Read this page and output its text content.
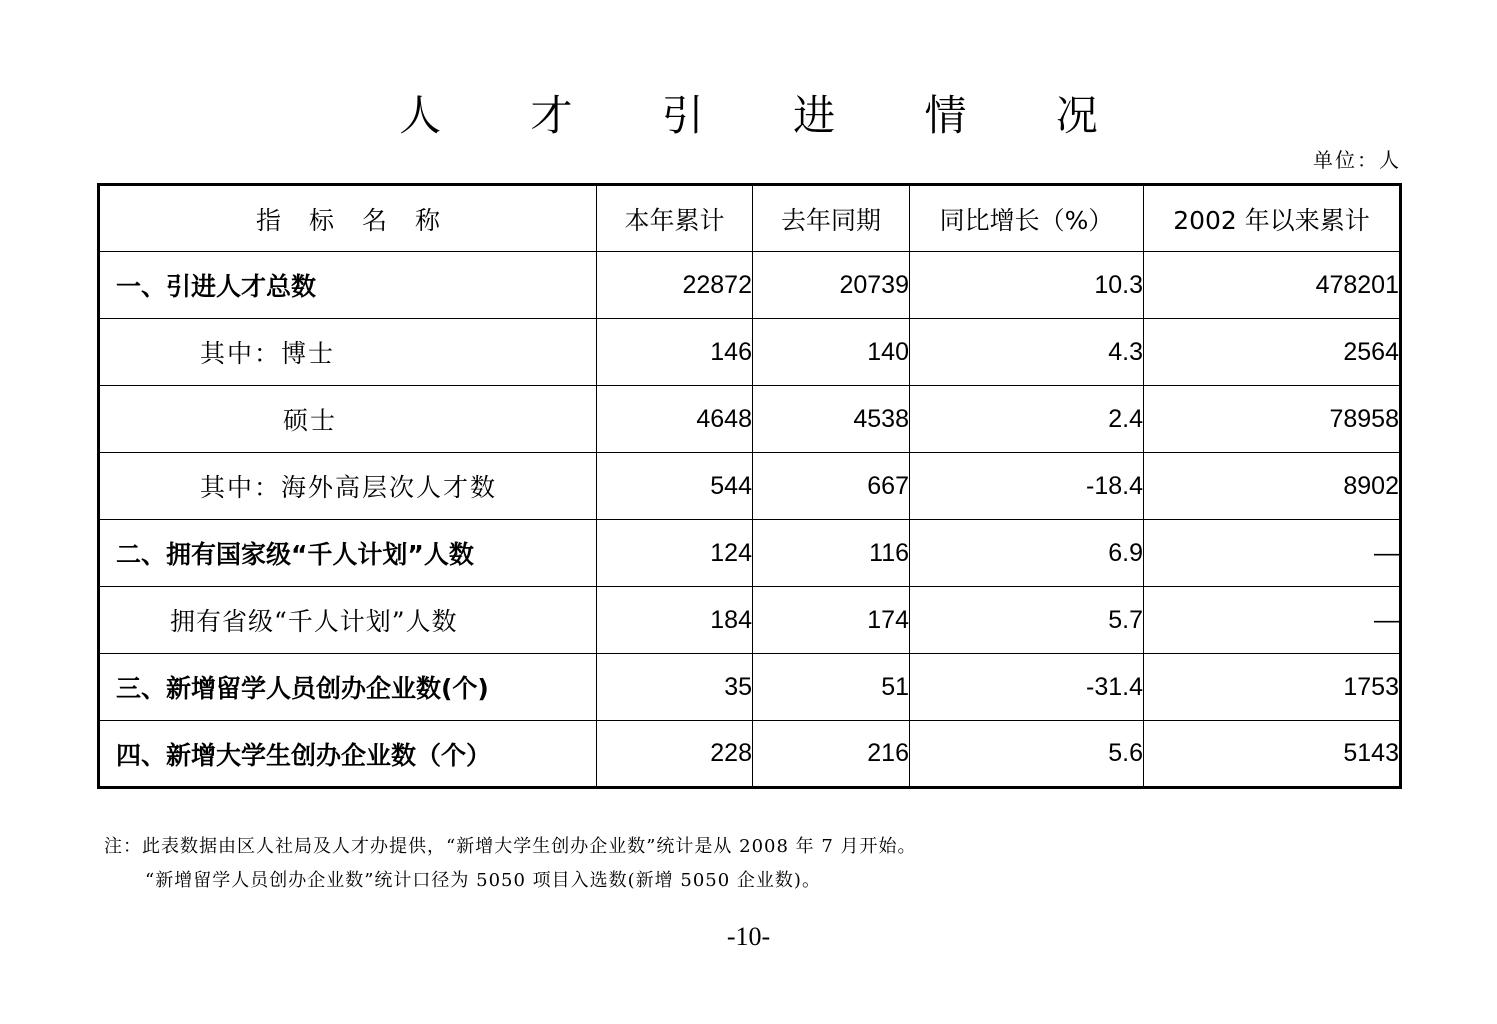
人 才 引 进 情 况
单位：人
指标名称	本年累计	去年同期	同比增长（%）	2002 年以来累计
一、引进人才总数	22872	20739	10.3	478201
其中：博士	146	140	4.3	2564
硕士	4648	4538	2.4	78958
其中：海外高层次人才数	544	667	-18.4	8902
二、拥有国家级“千人计划”人数	124	116	6.9	—
拥有省级“千人计划”人数	184	174	5.7	—
三、新增留学人员创办企业数(个)	35	51	-31.4	1753
四、新增大学生创办企业数（个）	228	216	5.6	5143
注：此表数据由区人社局及人才办提供，“新增大学生创办企业数”统计是从 2008 年 7 月开始。
“新增留学人员创办企业数”统计口径为 5050 项目入选数(新增 5050 企业数)。
-10-
